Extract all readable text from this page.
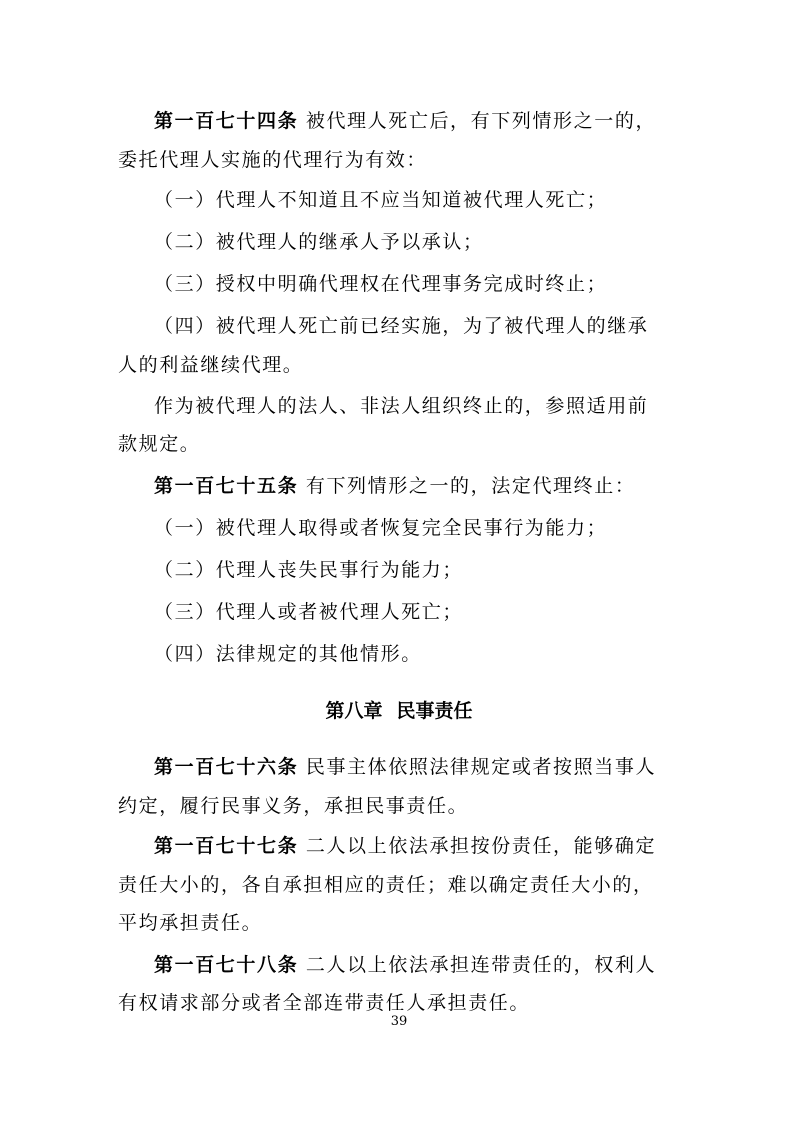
第一百七十四条 被代理人死亡后，有下列情形之一的，
委托代理人实施的代理行为有效：
（一）代理人不知道且不应当知道被代理人死亡；
（二）被代理人的继承人予以承认；
（三）授权中明确代理权在代理事务完成时终止；
（四）被代理人死亡前已经实施，为了被代理人的继承
人的利益继续代理。
作为被代理人的法人、非法人组织终止的，参照适用前
款规定。
第一百七十五条 有下列情形之一的，法定代理终止：
（一）被代理人取得或者恢复完全民事行为能力；
（二）代理人丧失民事行为能力；
（三）代理人或者被代理人死亡；
（四）法律规定的其他情形。
第八章 民事责任
第一百七十六条 民事主体依照法律规定或者按照当事人
约定，履行民事义务，承担民事责任。
第一百七十七条 二人以上依法承担按份责任，能够确定
责任大小的，各自承担相应的责任；难以确定责任大小的，
平均承担责任。
第一百七十八条 二人以上依法承担连带责任的，权利人
有权请求部分或者全部连带责任人承担责任。
39
